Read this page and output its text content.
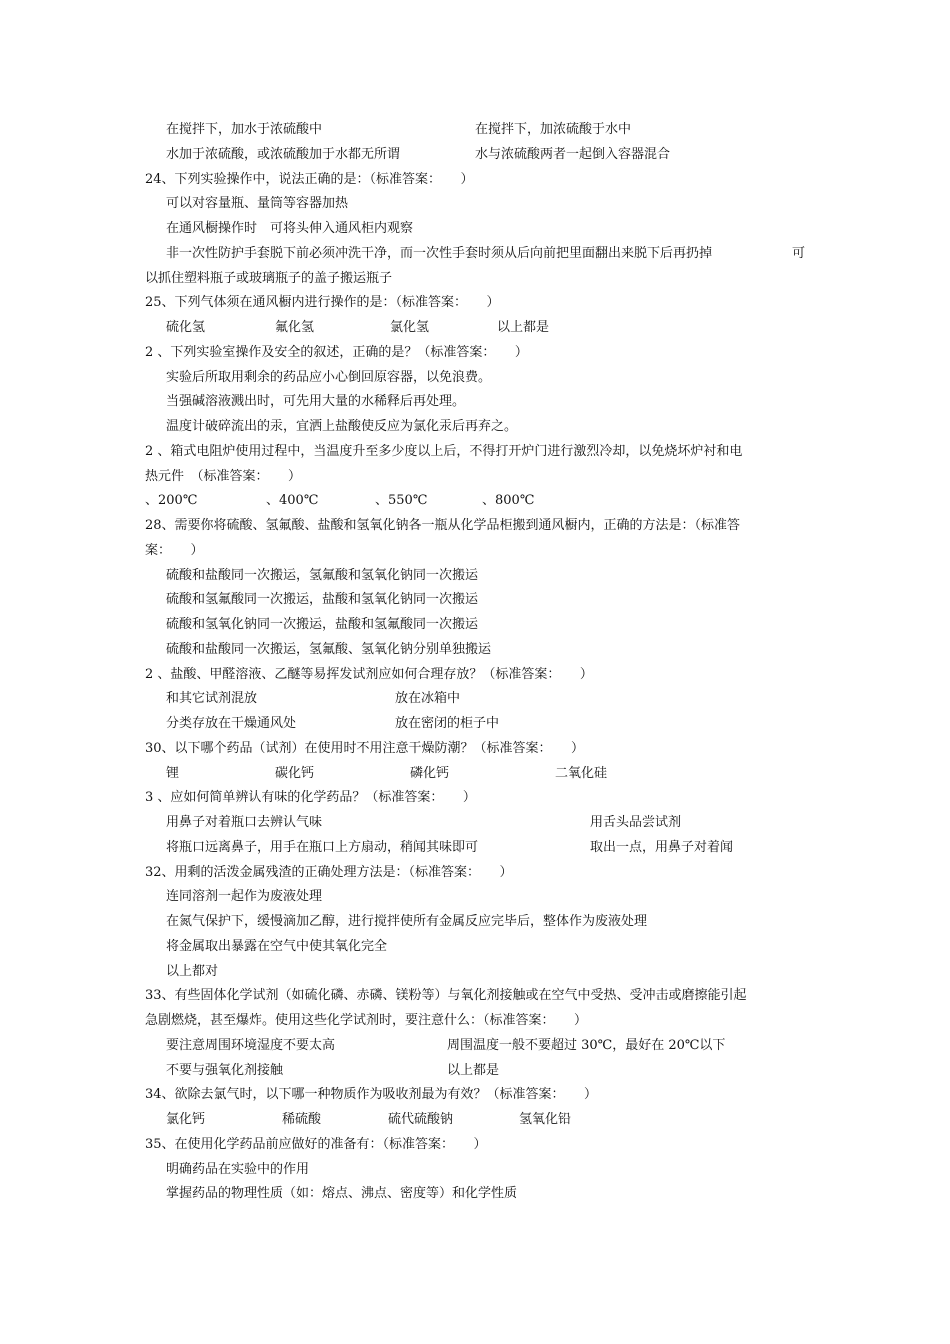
在搅拌下，加水于浓硫酸中	在搅拌下，加浓硫酸于水中
水加于浓硫酸，或浓硫酸加于水都无所谓	水与浓硫酸两者一起倒入容器混合
24、下列实验操作中，说法正确的是：（标准答案：　　）
可以对容量瓶、量筒等容器加热
在通风橱操作时　可将头伸入通风柜内观察
非一次性防护手套脱下前必须冲洗干净，而一次性手套时须从后向前把里面翻出来脱下后再扔掉	可
以抓住塑料瓶子或玻璃瓶子的盖子搬运瓶子
25、下列气体须在通风橱内进行操作的是：（标准答案：　　）
硫化氢	氟化氢	氯化氢	以上都是
2 、下列实验室操作及安全的叙述，正确的是？（标准答案：　　）
实验后所取用剩余的药品应小心倒回原容器，以免浪费。
当强碱溶液溅出时，可先用大量的水稀释后再处理。
温度计破碎流出的汞，宜洒上盐酸使反应为氯化汞后再弃之。
2 、箱式电阻炉使用过程中，当温度升至多少度以上后，不得打开炉门进行激烈冷却，以免烧坏炉衬和电
热元件　（标准答案：　　）
、200℃	、400℃	、550℃	、800℃
28、需要你将硫酸、氢氟酸、盐酸和氢氧化钠各一瓶从化学品柜搬到通风橱内，正确的方法是：（标准答
案：　　）
硫酸和盐酸同一次搬运，氢氟酸和氢氧化钠同一次搬运
硫酸和氢氟酸同一次搬运，盐酸和氢氧化钠同一次搬运
硫酸和氢氧化钠同一次搬运，盐酸和氢氟酸同一次搬运
硫酸和盐酸同一次搬运，氢氟酸、氢氧化钠分别单独搬运
2 、盐酸、甲醛溶液、乙醚等易挥发试剂应如何合理存放？（标准答案：　　）
和其它试剂混放	放在冰箱中
分类存放在干燥通风处	放在密闭的柜子中
30、以下哪个药品（试剂）在使用时不用注意干燥防潮？（标准答案：　　）
锂	碳化钙	磷化钙	二氧化硅
3 、应如何简单辨认有味的化学药品？（标准答案：　　）
用鼻子对着瓶口去辨认气味	用舌头品尝试剂
将瓶口远离鼻子，用手在瓶口上方扇动，稍闻其味即可	取出一点，用鼻子对着闻
32、用剩的活泼金属残渣的正确处理方法是：（标准答案：　　）
连同溶剂一起作为废液处理
在氮气保护下，缓慢滴加乙醇，进行搅拌使所有金属反应完毕后，整体作为废液处理
将金属取出暴露在空气中使其氧化完全
以上都对
33、有些固体化学试剂（如硫化磷、赤磷、镁粉等）与氧化剂接触或在空气中受热、受冲击或磨擦能引起
急剧燃烧，甚至爆炸。使用这些化学试剂时，要注意什么：（标准答案：　　）
要注意周围环境湿度不要太高	周围温度一般不要超过 30℃，最好在 20℃以下
不要与强氧化剂接触	以上都是
34、欲除去氯气时，以下哪一种物质作为吸收剂最为有效？（标准答案：　　）
氯化钙	稀硫酸	硫代硫酸钠	氢氧化铅
35、在使用化学药品前应做好的准备有：（标准答案：　　）
明确药品在实验中的作用
掌握药品的物理性质（如：熔点、沸点、密度等）和化学性质
